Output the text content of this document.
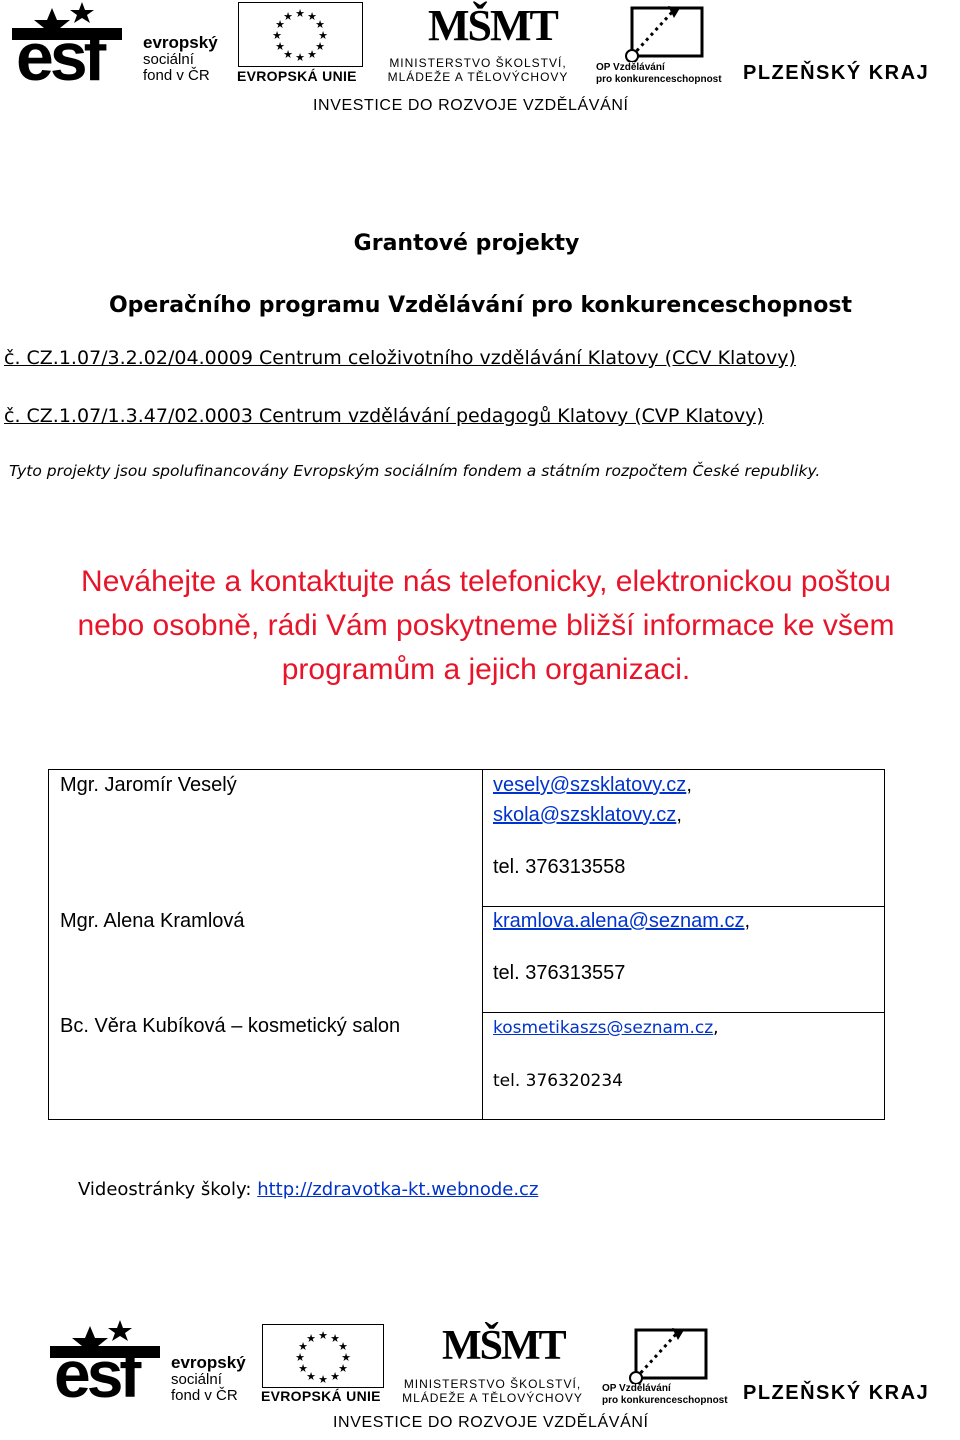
esf evropský
sociální
fond v ČR
★ ★
★
★
★
★
★
★
★
★
★
★
EVROPSKÁ UNIE
MŠMT
MINISTERSTVO ŠKOLSTVÍ,
MLÁDEŽE A TĚLOVÝCHOVY
OP Vzdělávání
pro konkurenceschopnost PLZEŇSKÝ KRAJ
INVESTICE DO ROZVOJE VZDĚLÁVÁNÍ
Grantové projekty
Operačního programu Vzdělávání pro konkurenceschopnost
č. CZ.1.07/3.2.02/04.0009 Centrum celoživotního vzdělávání Klatovy (CCV Klatovy)
č. CZ.1.07/1.3.47/02.0003 Centrum vzdělávání pedagogů Klatovy (CVP Klatovy)
Tyto projekty jsou spolufinancovány Evropským sociálním fondem a státním rozpočtem České republiky.
Neváhejte a kontaktujte nás telefonicky, elektronickou poštou
nebo osobně, rádi Vám poskytneme bližší informace ke všem
programům a jejich organizaci.
Mgr. Jaromír Veselý	vesely@szsklatovy.cz,
skola@szsklatovy.cz,
tel. 376313558
Mgr. Alena Kramlová	kramlova.alena@seznam.cz,
tel. 376313557
Bc. Věra Kubíková – kosmetický salon	kosmetikaszs@seznam.cz,
tel. 376320234
Videostránky školy: http://zdravotka-kt.webnode.cz
esf evropský
sociální
fond v ČR
★ ★
★
★
★
★
★
★
★
★
★
★
EVROPSKÁ UNIE
MŠMT
MINISTERSTVO ŠKOLSTVÍ,
MLÁDEŽE A TĚLOVÝCHOVY
OP Vzdělávání
pro konkurenceschopnost PLZEŇSKÝ KRAJ
INVESTICE DO ROZVOJE VZDĚLÁVÁNÍ
